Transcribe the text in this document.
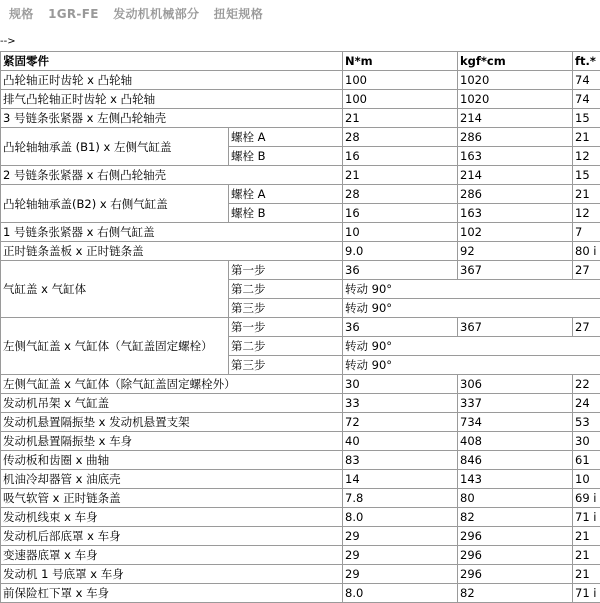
规格 1GR-FE 发动机机械部分 扭矩规格
-->
紧固零件		N*m	kgf*cm	ft.*
凸轮轴正时齿轮 x 凸轮轴		100	1020	74
排气凸轮轴正时齿轮 x 凸轮轴		100	1020	74
3 号链条张紧器 x 左侧凸轮轴壳		21	214	15
凸轮轴轴承盖 (B1) x 左侧气缸盖	螺栓 A	28	286	21
	螺栓 B	16	163	12
2 号链条张紧器 x 右侧凸轮轴壳		21	214	15
凸轮轴轴承盖(B2) x 右侧气缸盖	螺栓 A	28	286	21
	螺栓 B	16	163	12
1 号链条张紧器 x 右侧气缸盖		10	102	7
正时链条盖板 x 正时链条盖		9.0	92	80 i
气缸盖 x 气缸体	第一步	36	367	27
	第二步	转动 90°		
	第三步	转动 90°		
左侧气缸盖 x 气缸体（气缸盖固定螺栓）	第一步	36	367	27
	第二步	转动 90°		
	第三步	转动 90°		
左侧气缸盖 x 气缸体（除气缸盖固定螺栓外）		30	306	22
发动机吊架 x 气缸盖		33	337	24
发动机悬置隔振垫 x 发动机悬置支架		72	734	53
发动机悬置隔振垫 x 车身		40	408	30
传动板和齿圈 x 曲轴		83	846	61
机油冷却器管 x 油底壳		14	143	10
吸气软管 x 正时链条盖		7.8	80	69 i
发动机线束 x 车身		8.0	82	71 i
发动机后部底罩 x 车身		29	296	21
变速器底罩 x 车身		29	296	21
发动机 1 号底罩 x 车身		29	296	21
前保险杠下罩 x 车身		8.0	82	71 i
